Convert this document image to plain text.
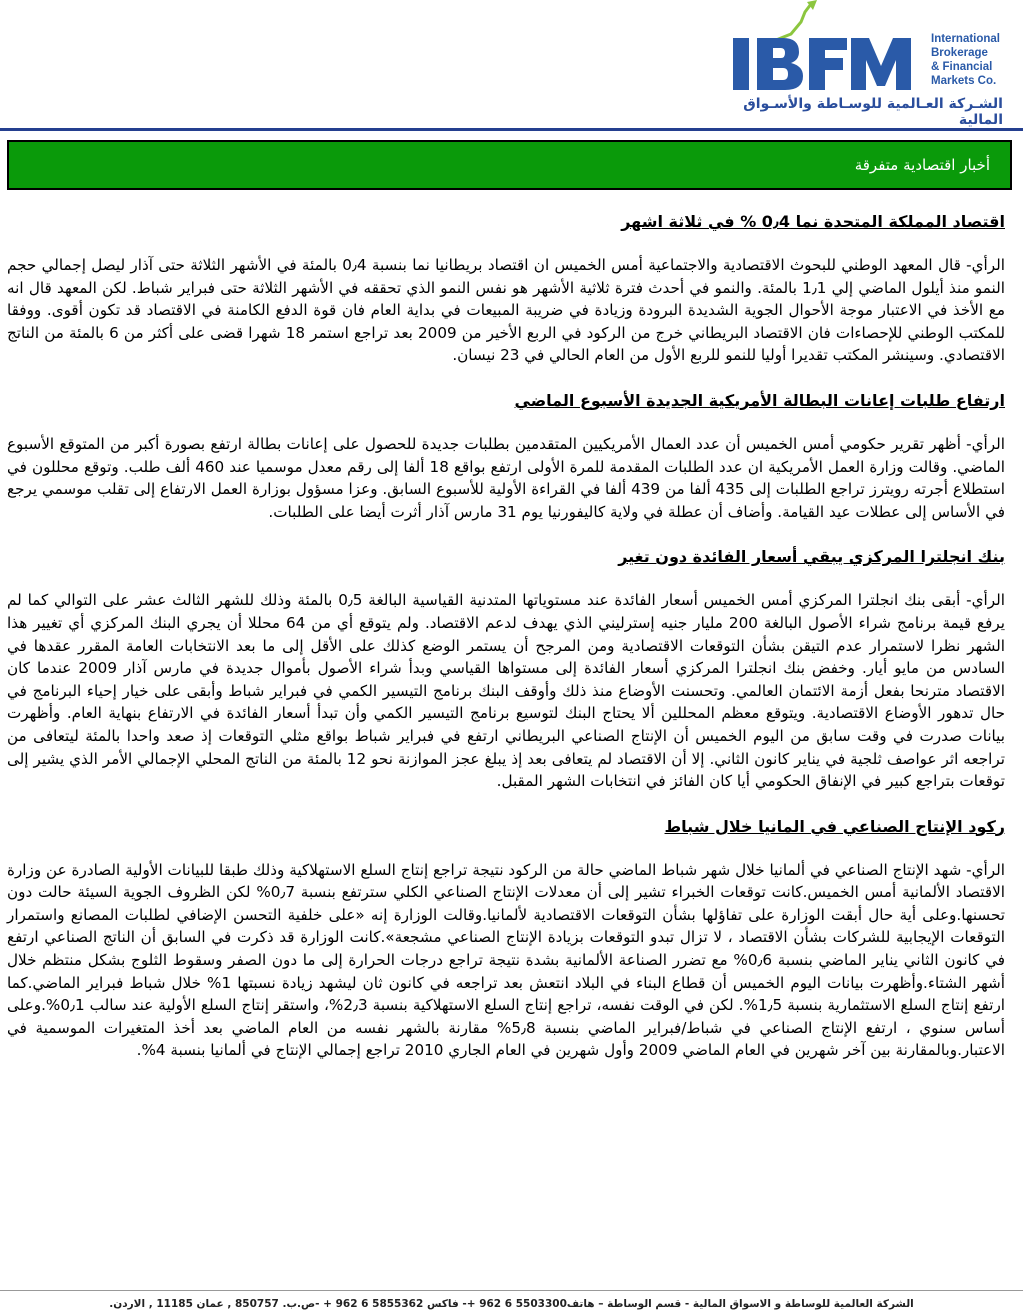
International
Brokerage
& Financial
Markets Co.
الشـركة العـالمية للوسـاطة والأسـواق المالية
أخبار اقتصادية متفرقة
اقتصاد المملكة المتحدة نما 0٫4 % في ثلاثة اشهر

الرأي- قال المعهد الوطني للبحوث الاقتصادية والاجتماعية أمس الخميس ان اقتصاد بريطانيا نما بنسبة 0٫4 بالمئة في الأشهر الثلاثة حتى آذار ليصل إجمالي حجم النمو منذ أيلول الماضي إلي 1٫1 بالمئة. والنمو في أحدث فترة ثلاثية الأشهر هو نفس النمو الذي تحققه في الأشهر الثلاثة حتى فبراير شباط. لكن المعهد قال انه مع الأخذ في الاعتبار موجة الأحوال الجوية الشديدة البرودة وزيادة في ضريبة المبيعات في بداية العام فان قوة الدفع الكامنة في الاقتصاد قد تكون أقوى. ووفقا للمكتب الوطني للإحصاءات فان الاقتصاد البريطاني خرج من الركود في الربع الأخير من 2009 بعد تراجع استمر 18 شهرا قضى على أكثر من 6 بالمئة من الناتج الاقتصادي. وسينشر المكتب تقديرا أوليا للنمو للربع الأول من العام الحالي في 23 نيسان.

ارتفاع طلبات إعانات البطالة الأمريكية الجديدة الأسبوع الماضي

الرأي- أظهر تقرير حكومي أمس الخميس أن عدد العمال الأمريكيين المتقدمين بطلبات جديدة للحصول على إعانات بطالة ارتفع بصورة أكبر من المتوقع الأسبوع الماضي. وقالت وزارة العمل الأمريكية ان عدد الطلبات المقدمة للمرة الأولى ارتفع بواقع 18 ألفا إلى رقم معدل موسميا عند 460 ألف طلب. وتوقع محللون في استطلاع أجرته رويترز تراجع الطلبات إلى 435 ألفا من 439 ألفا في القراءة الأولية للأسبوع السابق. وعزا مسؤول بوزارة العمل الارتفاع إلى تقلب موسمي يرجع في الأساس إلى عطلات عيد القيامة. وأضاف أن عطلة في ولاية كاليفورنيا يوم 31 مارس آذار أثرت أيضا على الطلبات.

بنك انجلترا المركزي يبقي أسعار الفائدة دون تغير

الرأي- أبقى بنك انجلترا المركزي أمس الخميس أسعار الفائدة عند مستوياتها المتدنية القياسية البالغة 0٫5 بالمئة وذلك للشهر الثالث عشر على التوالي كما لم يرفع قيمة برنامج شراء الأصول البالغة 200 مليار جنيه إسترليني الذي يهدف لدعم الاقتصاد. ولم يتوقع أي من 64 محللا أن يجري البنك المركزي أي تغيير هذا الشهر نظرا لاستمرار عدم التيقن بشأن التوقعات الاقتصادية ومن المرجح أن يستمر الوضع كذلك على الأقل إلى ما بعد الانتخابات العامة المقرر عقدها في السادس من مايو أيار. وخفض بنك انجلترا المركزي أسعار الفائدة إلى مستواها القياسي وبدأ شراء الأصول بأموال جديدة في مارس آذار 2009 عندما كان الاقتصاد مترنحا بفعل أزمة الائتمان العالمي. وتحسنت الأوضاع منذ ذلك وأوقف البنك برنامج التيسير الكمي في فبراير شباط وأبقى على خيار إحياء البرنامج في حال تدهور الأوضاع الاقتصادية. ويتوقع معظم المحللين ألا يحتاج البنك لتوسيع برنامج التيسير الكمي وأن تبدأ أسعار الفائدة في الارتفاع بنهاية العام. وأظهرت بيانات صدرت في وقت سابق من اليوم الخميس أن الإنتاج الصناعي البريطاني ارتفع في فبراير شباط بواقع مثلي التوقعات إذ صعد واحدا بالمئة ليتعافى من تراجعه اثر عواصف ثلجية في يناير كانون الثاني. إلا أن الاقتصاد لم يتعافى بعد إذ يبلغ عجز الموازنة نحو 12 بالمئة من الناتج المحلي الإجمالي الأمر الذي يشير إلى توقعات بتراجع كبير في الإنفاق الحكومي أيا كان الفائز في انتخابات الشهر المقبل.

ركود الإنتاج الصناعي في المانيا خلال شباط

الرأي- شهد الإنتاج الصناعي في ألمانيا خلال شهر شباط الماضي حالة من الركود نتيجة تراجع إنتاج السلع الاستهلاكية وذلك طبقا للبيانات الأولية الصادرة عن وزارة الاقتصاد الألمانية أمس الخميس.كانت توقعات الخبراء تشير إلى أن معدلات الإنتاج الصناعي الكلي سترتفع بنسبة 0٫7% لكن الظروف الجوية السيئة حالت دون تحسنها.وعلى أية حال أبقت الوزارة على تفاؤلها بشأن التوقعات الاقتصادية لألمانيا.وقالت الوزارة إنه «على خلفية التحسن الإضافي لطلبات المصانع واستمرار التوقعات الإيجابية للشركات بشأن الاقتصاد ، لا تزال تبدو التوقعات بزيادة الإنتاج الصناعي مشجعة».كانت الوزارة قد ذكرت في السابق أن الناتج الصناعي ارتفع في كانون الثاني يناير الماضي بنسبة 0٫6% مع تضرر الصناعة الألمانية بشدة نتيجة تراجع درجات الحرارة إلى ما دون الصفر وسقوط الثلوج بشكل منتظم خلال أشهر الشتاء.وأظهرت بيانات اليوم الخميس أن قطاع البناء في البلاد انتعش بعد تراجعه في كانون ثان ليشهد زيادة نسبتها 1% خلال شباط فبراير الماضي.كما ارتفع إنتاج السلع الاستثمارية بنسبة 1٫5%. لكن في الوقت نفسه، تراجع إنتاج السلع الاستهلاكية بنسبة 2٫3%، واستقر إنتاج السلع الأولية عند سالب 0٫1%.وعلى أساس سنوي ، ارتفع الإنتاج الصناعي في شباط/فبراير الماضي بنسبة 5٫8% مقارنة بالشهر نفسه من العام الماضي بعد أخذ المتغيرات الموسمية في الاعتبار.وبالمقارنة بين آخر شهرين في العام الماضي 2009 وأول شهرين في العام الجاري 2010 تراجع إجمالي الإنتاج في ألمانيا بنسبة 4%.

الشركة العالمية للوساطة و الاسواق المالية - قسم الوساطة – هاتف5503300 6 962 +- فاكس 5855362 6 962 + -ص.ب. 850757 , عمان 11185 , الاردن.
